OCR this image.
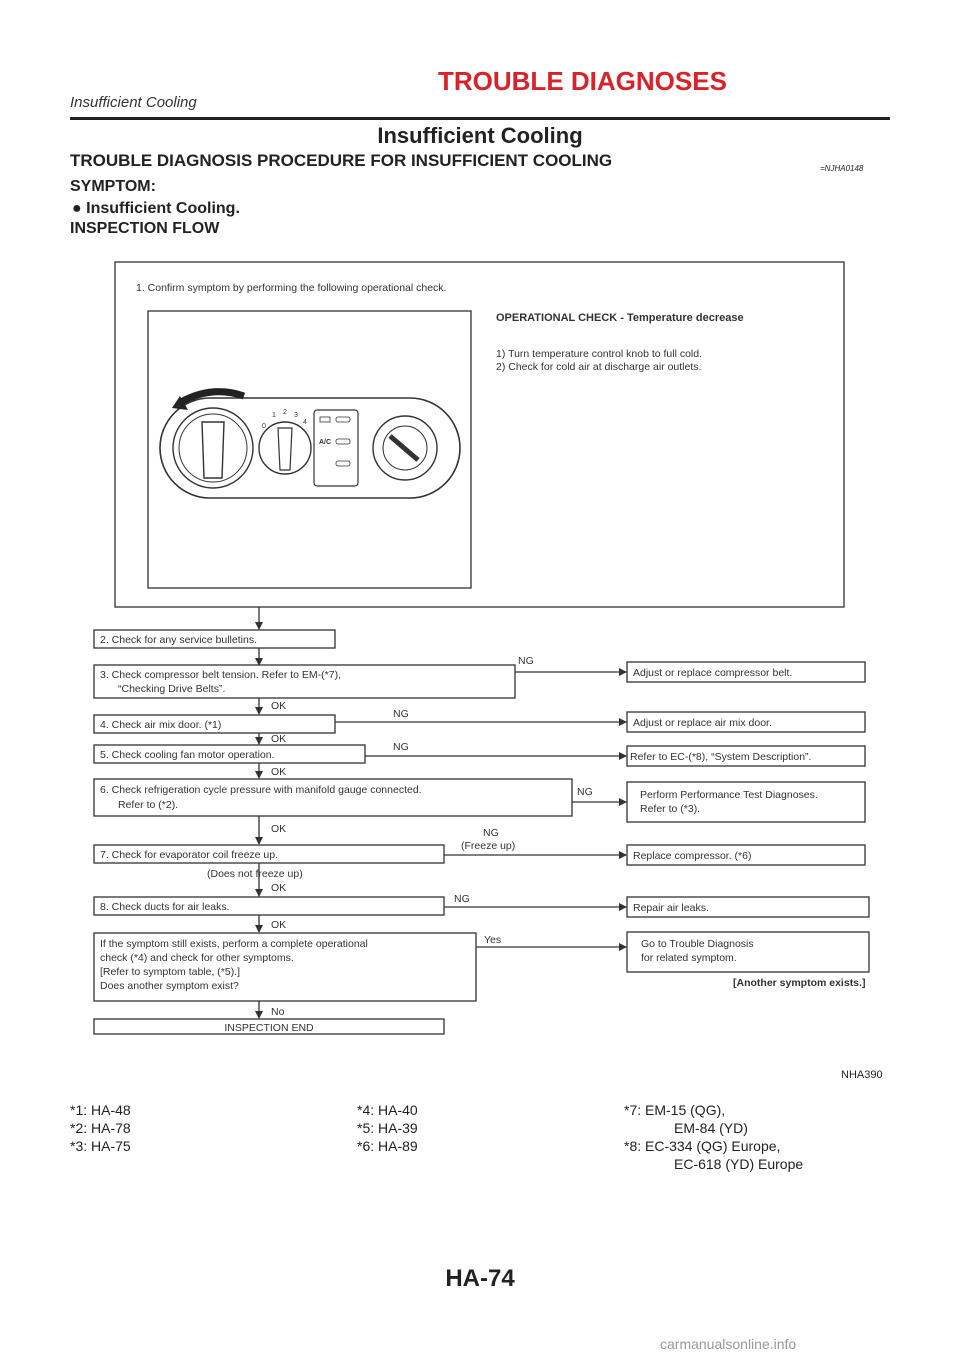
TROUBLE DIAGNOSES
Insufficient Cooling
Insufficient Cooling
TROUBLE DIAGNOSIS PROCEDURE FOR INSUFFICIENT COOLING	=NJHA0148
SYMPTOM:
● Insufficient Cooling.
INSPECTION FLOW
1. Confirm symptom by performing the following operational check.
0
1 2 3
4
A/C
OPERATIONAL CHECK - Temperature decrease
1) Turn temperature control knob to full cold.
2) Check for cold air at discharge air outlets.
2. Check for any service bulletins.
3. Check compressor belt tension. Refer to EM-(*7),
“Checking Drive Belts”.
4. Check air mix door. (*1)
5. Check cooling fan motor operation.
6. Check refrigeration cycle pressure with manifold gauge connected.
Refer to (*2).
7. Check for evaporator coil freeze up.
8. Check ducts for air leaks.
If the symptom still exists, perform a complete operational
check (*4) and check for other symptoms.
[Refer to symptom table, (*5).]
Does another symptom exist?
INSPECTION END
OK
OK
OK
OK
(Does not freeze up)
OK
OK
No
NG
NG
NG
NG
NG
(Freeze up)
NG
Yes
Adjust or replace compressor belt.
Adjust or replace air mix door.
Refer to EC-(*8), “System Description”.
Perform Performance Test Diagnoses.
Refer to (*3).
Replace compressor. (*6)
Repair air leaks.
Go to Trouble Diagnosis
for related symptom.
[Another symptom exists.]
NHA390
*1: HA-48
*2: HA-78
*3: HA-75
*4: HA-40
*5: HA-39
*6: HA-89
*7: EM-15 (QG),
EM-84 (YD)
*8: EC-334 (QG) Europe,
EC-618 (YD) Europe
HA-74
carmanualsonline.info
